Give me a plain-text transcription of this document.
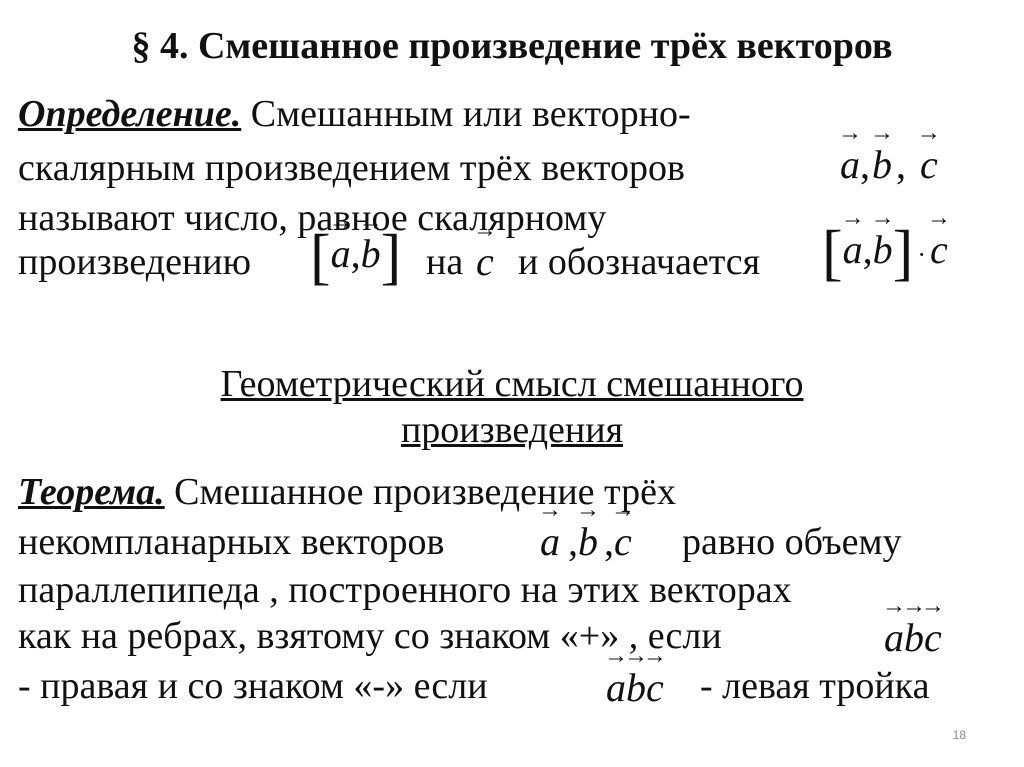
§ 4. Смешанное произведение трёх векторов
Определение. Смешанным или векторно-
скалярным произведением трёх векторов	→ a,→ b , → c
называют число, равное скалярному
произведению [→ a,→ b] на → c и обозначается [→ a,→ b] · → c
Геометрический смысл смешанного
произведения
Теорема. Смешанное произведение трёх
некомпланарных векторов → a ,→ b ,→ c равно объему
параллепипеда , построенного на этих векторах
как на ребрах, взятому со знаком «+» , если	→ a→ b→ c
- правая и со знаком «-» если	→ a→ b→ c - левая тройка
18
